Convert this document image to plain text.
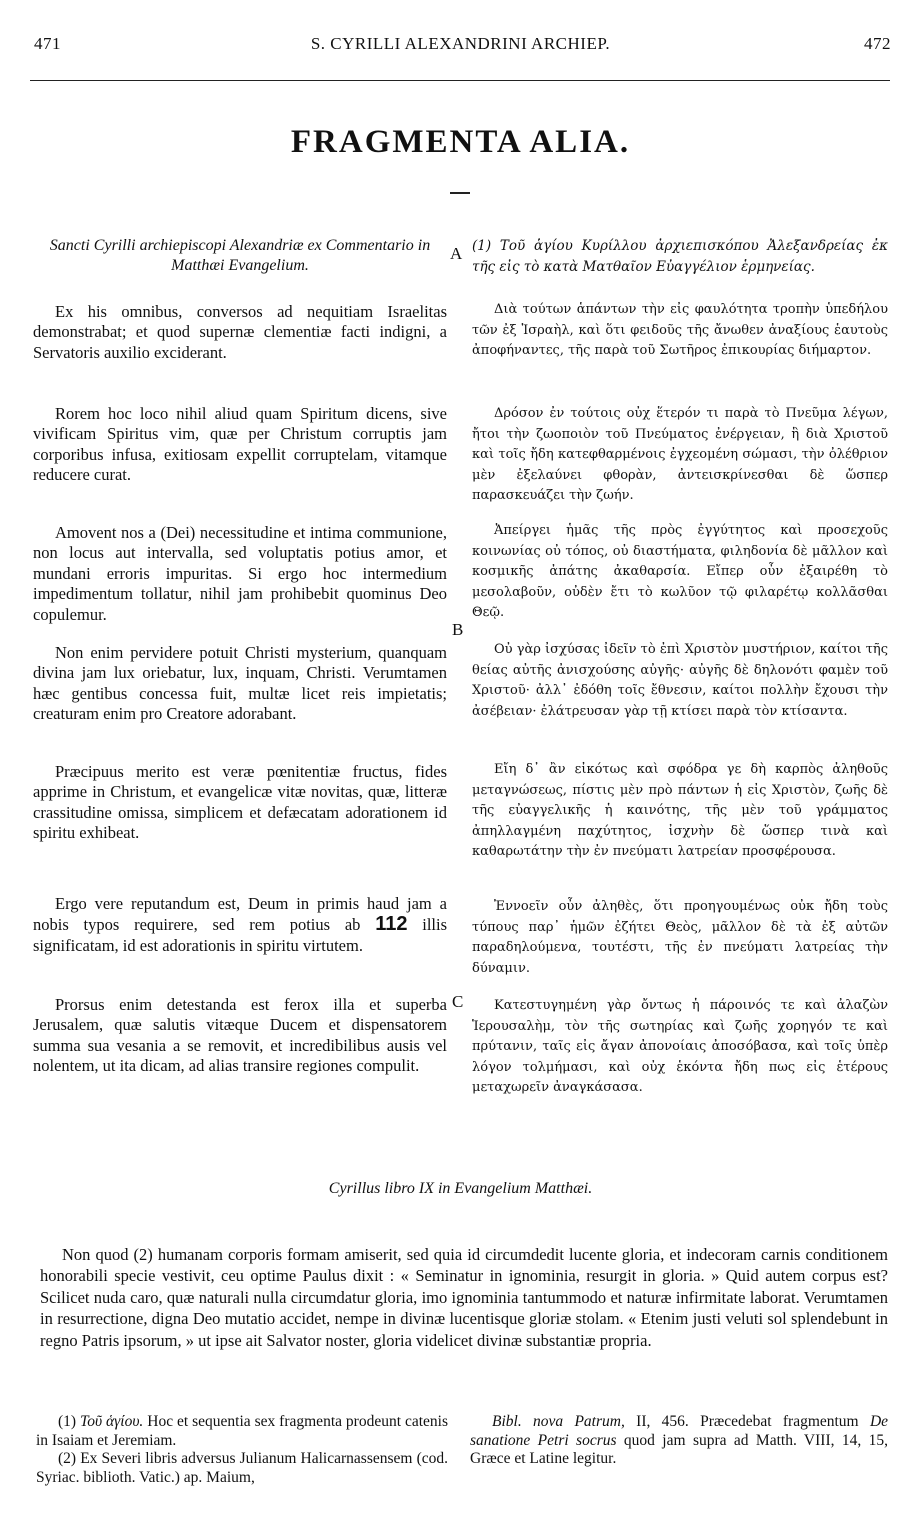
471	S. CYRILLI ALEXANDRINI ARCHIEP.	472
FRAGMENTA ALIA.
A
B
C

Sancti Cyrilli archiepiscopi Alexandriæ ex Commentario in Matthæi Evangelium.

Ex his omnibus, conversos ad nequitiam Israelitas demonstrabat; et quod supernæ clementiæ facti indigni, a Servatoris auxilio exciderant.

Rorem hoc loco nihil aliud quam Spiritum dicens, sive vivificam Spiritus vim, quæ per Christum corruptis jam corporibus infusa, exitiosam expellit corruptelam, vitamque reducere curat.

Amovent nos a (Dei) necessitudine et intima communione, non locus aut intervalla, sed voluptatis potius amor, et mundani erroris impuritas. Si ergo hoc intermedium impedimentum tollatur, nihil jam prohibebit quominus Deo copulemur.

Non enim pervidere potuit Christi mysterium, quanquam divina jam lux oriebatur, lux, inquam, Christi. Verumtamen hæc gentibus concessa fuit, multæ licet reis impietatis; creaturam enim pro Creatore adorabant.

Præcipuus merito est veræ pœnitentiæ fructus, fides apprime in Christum, et evangelicæ vitæ novitas, quæ, litteræ crassitudine omissa, simplicem et defæcatam adorationem id spiritu exhibeat.

Ergo vere reputandum est, Deum in primis haud jam a nobis typos requirere, sed rem potius ab 112 illis significatam, id est adorationis in spiritu virtutem.

Prorsus enim detestanda est ferox illa et superba Jerusalem, quæ salutis vitæque Ducem et dispensatorem summa sua vesania a se removit, et incredibilibus ausis vel nolentem, ut ita dicam, ad alias transire regiones compulit.

(1) Τοῦ ἁγίου Κυρίλλου ἀρχιεπισκόπου Ἀλεξανδρείας ἐκ τῆς εἰς τὸ κατὰ Ματθαῖον Εὐαγγέλιον ἑρμηνείας.

Διὰ τούτων ἁπάντων τὴν εἰς φαυλότητα τροπὴν ὑπεδήλου τῶν ἐξ Ἰσραὴλ, καὶ ὅτι φειδοῦς τῆς ἄνωθεν ἀναξίους ἑαυτοὺς ἀποφήναντες, τῆς παρὰ τοῦ Σωτῆρος ἐπικουρίας διήμαρτον.

Δρόσον ἐν τούτοις οὐχ ἕτερόν τι παρὰ τὸ Πνεῦμα λέγων, ἤτοι τὴν ζωοποιὸν τοῦ Πνεύματος ἐνέργειαν, ἣ διὰ Χριστοῦ καὶ τοῖς ἤδη κατεφθαρμένοις ἐγχεομένη σώμασι, τὴν ὀλέθριον μὲν ἐξελαύνει φθορὰν, ἀντεισκρίνεσθαι δὲ ὥσπερ παρασκευάζει τὴν ζωήν.

Ἀπείργει ἡμᾶς τῆς πρὸς ἐγγύτητος καὶ προσεχοῦς κοινωνίας οὐ τόπος, οὐ διαστήματα, φιληδονία δὲ μᾶλλον καὶ κοσμικῆς ἀπάτης ἀκαθαρσία. Εἴπερ οὖν ἐξαιρέθη τὸ μεσολαβοῦν, οὐδὲν ἔτι τὸ κωλῦον τῷ φιλαρέτῳ κολλᾶσθαι Θεῷ.

Οὐ γὰρ ἰσχύσας ἰδεῖν τὸ ἐπὶ Χριστὸν μυστήριον, καίτοι τῆς θείας αὐτῆς ἀνισχούσης αὐγῆς· αὐγῆς δὲ δηλονότι φαμὲν τοῦ Χριστοῦ· ἀλλ᾽ ἐδόθη τοῖς ἔθνεσιν, καίτοι πολλὴν ἔχουσι τὴν ἀσέβειαν· ἐλάτρευσαν γὰρ τῇ κτίσει παρὰ τὸν κτίσαντα.

Εἴη δ᾽ ἂν εἰκότως καὶ σφόδρα γε δὴ καρπὸς ἀληθοῦς μεταγνώσεως, πίστις μὲν πρὸ πάντων ἡ εἰς Χριστὸν, ζωῆς δὲ τῆς εὐαγγελικῆς ἡ καινότης, τῆς μὲν τοῦ γράμματος ἀπηλλαγμένη παχύτητος, ἰσχνὴν δὲ ὥσπερ τινὰ καὶ καθαρωτάτην τὴν ἐν πνεύματι λατρείαν προσφέρουσα.

Ἐννοεῖν οὖν ἀληθὲς, ὅτι προηγουμένως οὐκ ἤδη τοὺς τύπους παρ᾽ ἡμῶν ἐζήτει Θεὸς, μᾶλλον δὲ τὰ ἐξ αὐτῶν παραδηλούμενα, τουτέστι, τῆς ἐν πνεύματι λατρείας τὴν δύναμιν.

Κατεστυγημένη γὰρ ὄντως ἡ πάροινός τε καὶ ἀλαζὼν Ἱερουσαλὴμ, τὸν τῆς σωτηρίας καὶ ζωῆς χορηγόν τε καὶ πρύτανιν, ταῖς εἰς ἄγαν ἀπονοίαις ἀποσόβασα, καὶ τοῖς ὑπὲρ λόγον τολμήμασι, καὶ οὐχ ἑκόντα ἤδη πως εἰς ἑτέρους μεταχωρεῖν ἀναγκάσασα.

Cyrillus libro IX in Evangelium Matthæi.

Non quod (2) humanam corporis formam amiserit, sed quia id circumdedit lucente gloria, et indecoram carnis conditionem honorabili specie vestivit, ceu optime Paulus dixit : « Seminatur in ignominia, resurgit in gloria. » Quid autem corpus est? Scilicet nuda caro, quæ naturali nulla circumdatur gloria, imo ignominia tantummodo et naturæ infirmitate laborat. Verumtamen in resurrectione, digna Deo mutatio accidet, nempe in divinæ lucentisque gloriæ stolam. « Etenim justi veluti sol splendebunt in regno Patris ipsorum, » ut ipse ait Salvator noster, gloria videlicet divinæ substantiæ propria.

(1) Τοῦ ἁγίου. Hoc et sequentia sex fragmenta prodeunt catenis in Isaiam et Jeremiam.

(2) Ex Severi libris adversus Julianum Halicarnassensem (cod. Syriac. biblioth. Vatic.) ap. Maium,

Bibl. nova Patrum, II, 456. Præcedebat fragmentum De sanatione Petri socrus quod jam supra ad Matth. VIII, 14, 15, Græce et Latine legitur.
